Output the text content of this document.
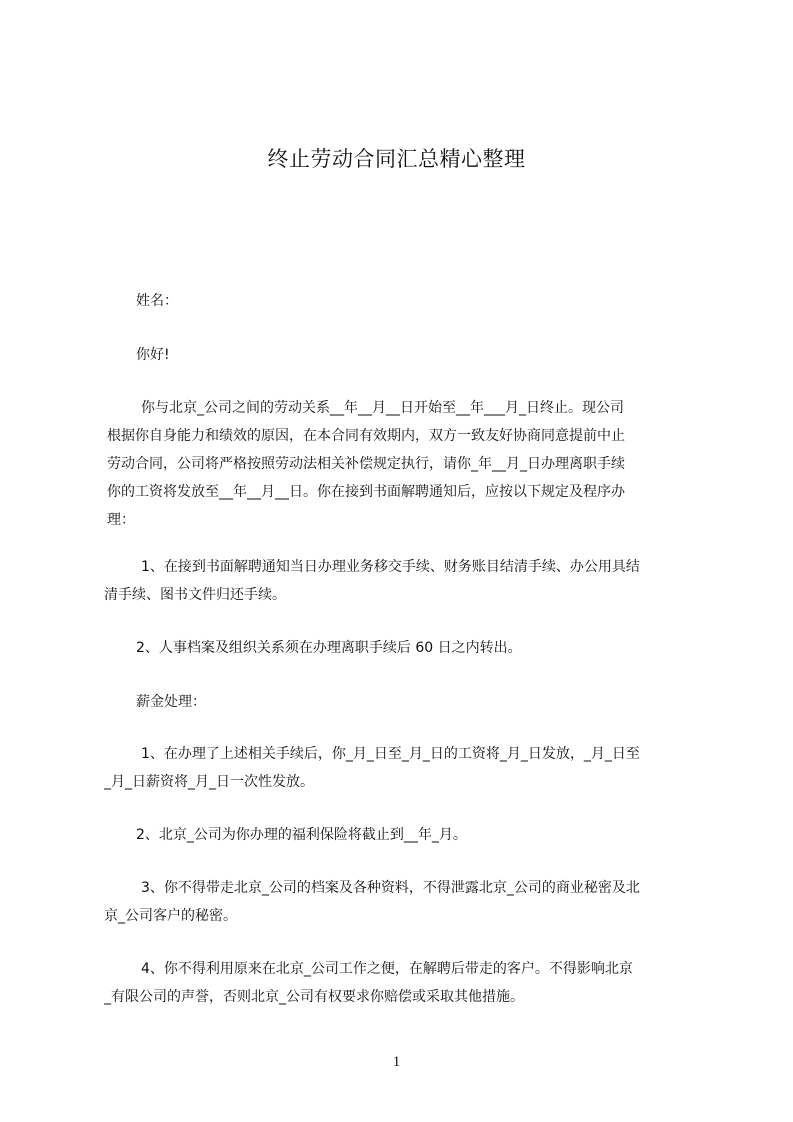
终止劳动合同汇总精心整理
姓名：
你好!
你与北京_公司之间的劳动关系__年__月__日开始至__年___月_日终止。现公司
根据你自身能力和绩效的原因，在本合同有效期内，双方一致友好协商同意提前中止
劳动合同，公司将严格按照劳动法相关补偿规定执行，请你_年__月_日办理离职手续
你的工资将发放至__年__月__日。你在接到书面解聘通知后，应按以下规定及程序办
理：
1、在接到书面解聘通知当日办理业务移交手续、财务账目结清手续、办公用具结
清手续、图书文件归还手续。
2、人事档案及组织关系须在办理离职手续后 60 日之内转出。
薪金处理：
1、在办理了上述相关手续后，你_月_日至_月_日的工资将_月_日发放，_月_日至
_月_日薪资将_月_日一次性发放。
2、北京_公司为你办理的福利保险将截止到__年_月。
3、你不得带走北京_公司的档案及各种资料，不得泄露北京_公司的商业秘密及北
京_公司客户的秘密。
4、你不得利用原来在北京_公司工作之便，在解聘后带走的客户。不得影响北京
_有限公司的声誉，否则北京_公司有权要求你赔偿或采取其他措施。
1
